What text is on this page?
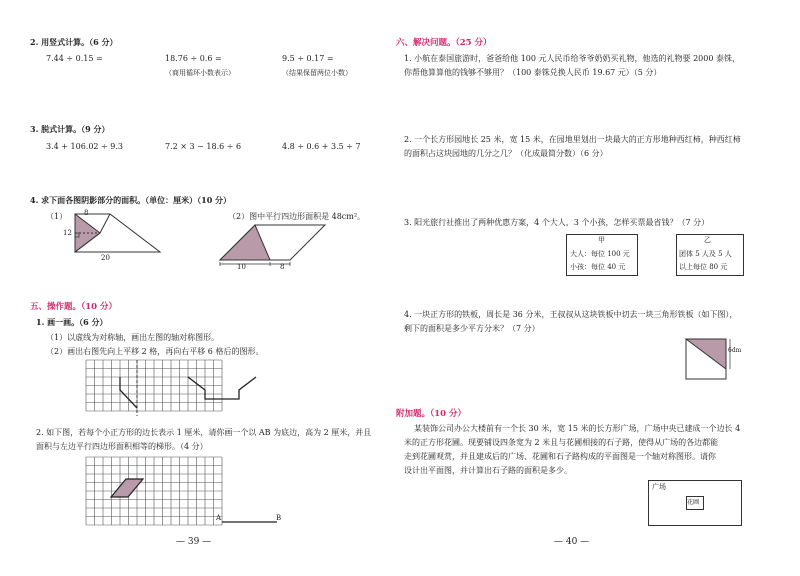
2. 用竖式计算。（6 分）
7.44 ÷ 0.15 =	18.76 ÷ 0.6 =	9.5 ÷ 0.17 =
（商用循环小数表示）	（结果保留两位小数）
3. 脱式计算。（9 分）
3.4 + 106.02 ÷ 9.3	7.2 × 3 − 18.6 ÷ 6	4.8 ÷ 0.6 + 3.5 ÷ 7
4. 求下面各图阴影部分的面积。（单位：厘米）（10 分）
（1）	（2）图中平行四边形面积是 48cm²。
8
12
20
10	8
五、操作题。（10 分）
1. 画一画。（6 分）
（1）以虚线为对称轴，画出左图的轴对称图形。
（2）画出右图先向上平移 2 格，再向右平移 6 格后的图形。
2. 如下图，若每个小正方形的边长表示 1 厘米，请你画一个以 AB 为底边，高为 2 厘米，并且
面积与左边平行四边形面积相等的梯形。（4 分）
A	B
— 39 —
六、解决问题。（25 分）
1. 小航在泰国旅游时，爸爸给他 100 元人民币给爷爷奶奶买礼物，他选的礼物要 2000 泰铢，
你帮他算算他的钱够不够用？（100 泰铢兑换人民币 19.67 元）（5 分）
2. 一个长方形园地长 25 米，宽 15 米，在园地里划出一块最大的正方形地种西红柿，种西红柿
的面积占这块园地的几分之几？（化成最简分数）（6 分）
3. 阳光旅行社推出了两种优惠方案，4 个大人，3 个小孩，怎样买票最省钱？（7 分）
甲
大人：每位 100 元
小孩：每位 40 元
乙
团体 5 人及 5 人
以上每位 80 元
4. 一块正方形的铁板，周长是 36 分米，王叔叔从这块铁板中切去一块三角形铁板（如下图），
剩下的面积是多少平方分米？（7 分）
6dm
附加题。（10 分）
某装饰公司办公大楼前有一个长 30 米，宽 15 米的长方形广场，广场中央已建成一个边长 4
米的正方形花圃。现要铺设四条宽为 2 米且与花圃相接的石子路，使得从广场的各边都能
走到花圃观赏，并且建成后的广场、花圃和石子路构成的平面图是一个轴对称图形。请你
设计出平面图，并计算出石子路的面积是多少。
广场
花圃
— 40 —
